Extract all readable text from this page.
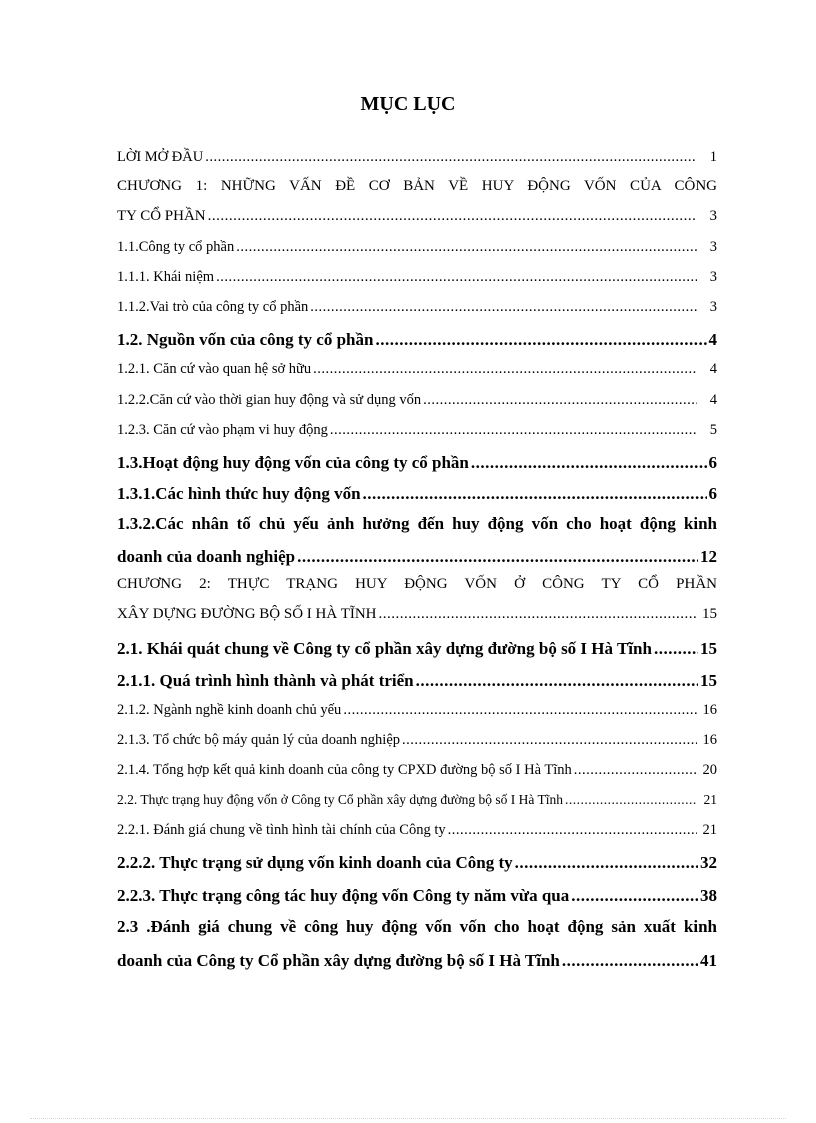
MỤC LỤC
LỜI MỞ ĐẦU .....	1
CHƯƠNG 1: NHỮNG VẤN ĐỀ CƠ BẢN VỀ HUY ĐỘNG VỐN CỦA CÔNG
TY CỔ PHẦN .....	3
1.1.Công ty cổ phần .....	3
1.1.1. Khái niệm .....	3
1.1.2.Vai trò của công ty cổ phần .....	3
1.2. Nguồn vốn của công ty cổ phần .....	4
1.2.1. Căn cứ vào quan hệ sở hữu .....	4
1.2.2.Căn cứ vào thời gian huy động và sử dụng vốn .....	4
1.2.3. Căn cứ vào phạm vi huy động .....	5
1.3.Hoạt động huy động vốn của công ty cổ phần .....	6
1.3.1.Các hình thức huy động vốn .....	6
1.3.2.Các nhân tố chủ yếu ảnh hưởng đến huy động vốn cho hoạt động kinh
doanh của doanh nghiệp .....	12
CHƯƠNG 2: THỰC TRẠNG HUY ĐỘNG VỐN Ở CÔNG TY CỔ PHẦN
XÂY DỰNG ĐƯỜNG BỘ SỐ I HÀ TĨNH .....	15
2.1. Khái quát chung về Công ty cổ phần xây dựng đường bộ số I Hà Tĩnh .....	15
2.1.1. Quá trình hình thành và phát triển .....	15
2.1.2. Ngành nghề kinh doanh chủ yếu .....	16
2.1.3. Tổ chức bộ máy quản lý của doanh nghiệp .....	16
2.1.4. Tổng hợp kết quả kinh doanh của công ty CPXD đường bộ số I Hà Tĩnh .....	20
2.2. Thực trạng huy động vốn ở Công ty Cổ phần xây dựng đường bộ số I Hà Tĩnh .....	21
2.2.1. Đánh giá chung về tình hình tài chính của Công ty .....	21
2.2.2. Thực trạng sử dụng vốn kinh doanh của Công ty .....	32
2.2.3. Thực trạng công tác huy động vốn Công ty năm vừa qua .....	38
2.3 .Đánh giá chung về công huy động vốn vốn cho hoạt động sản xuất kinh
doanh của Công ty Cổ phần xây dựng đường bộ số I Hà Tĩnh .....	41
